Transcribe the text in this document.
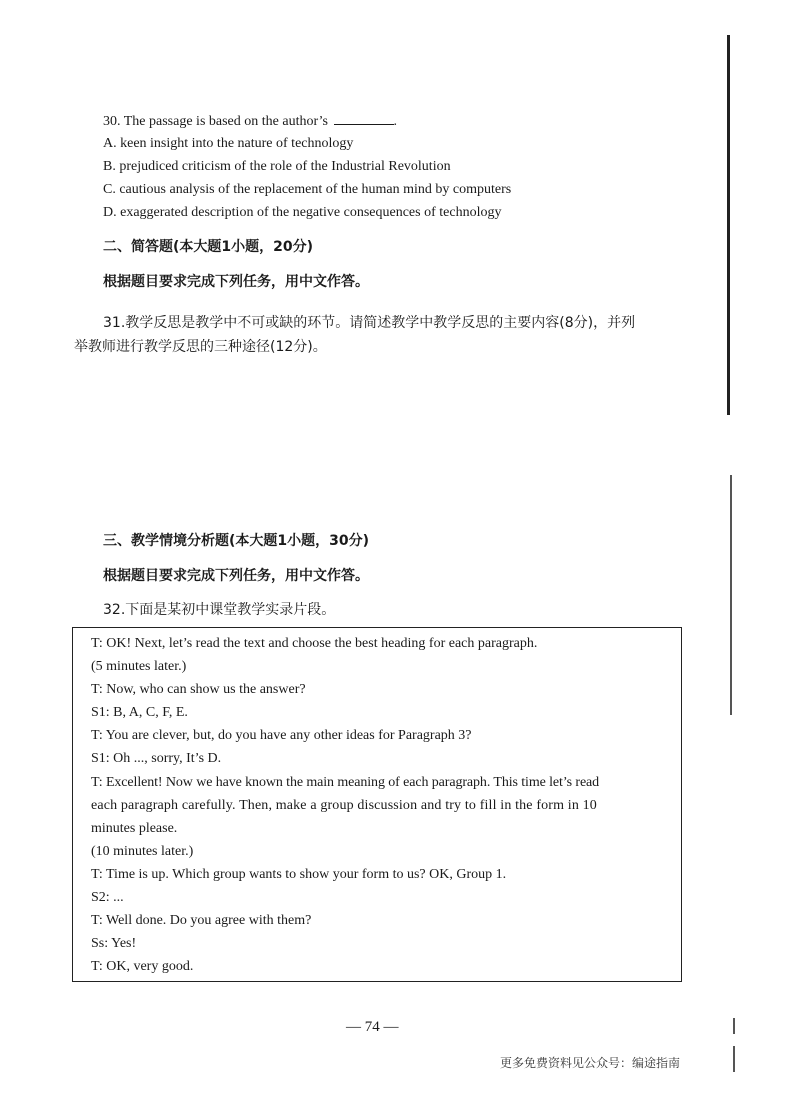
30. The passage is based on the author’s	.
A. keen insight into the nature of technology
B. prejudiced criticism of the role of the Industrial Revolution
C. cautious analysis of the replacement of the human mind by computers
D. exaggerated description of the negative consequences of technology
二、简答题(本大题1小题，20分)
根据题目要求完成下列任务，用中文作答。
31.教学反思是教学中不可或缺的环节。请简述教学中教学反思的主要内容(8分)，并列
举教师进行教学反思的三种途径(12分)。
三、教学情境分析题(本大题1小题，30分)
根据题目要求完成下列任务，用中文作答。
32.下面是某初中课堂教学实录片段。
T: OK! Next, let’s read the text and choose the best heading for each paragraph.
(5 minutes later.)
T: Now, who can show us the answer?
S1: B, A, C, F, E.
T: You are clever, but, do you have any other ideas for Paragraph 3?
S1: Oh ..., sorry, It’s D.
T: Excellent! Now we have known the main meaning of each paragraph. This time let’s read
each paragraph carefully. Then, make a group discussion and try to fill in the form in 10
minutes please.
(10 minutes later.)
T: Time is up. Which group wants to show your form to us? OK, Group 1.
S2: ...
T: Well done. Do you agree with them?
Ss: Yes!
T: OK, very good.
— 74 —
更多免费资料见公众号：编途指南
